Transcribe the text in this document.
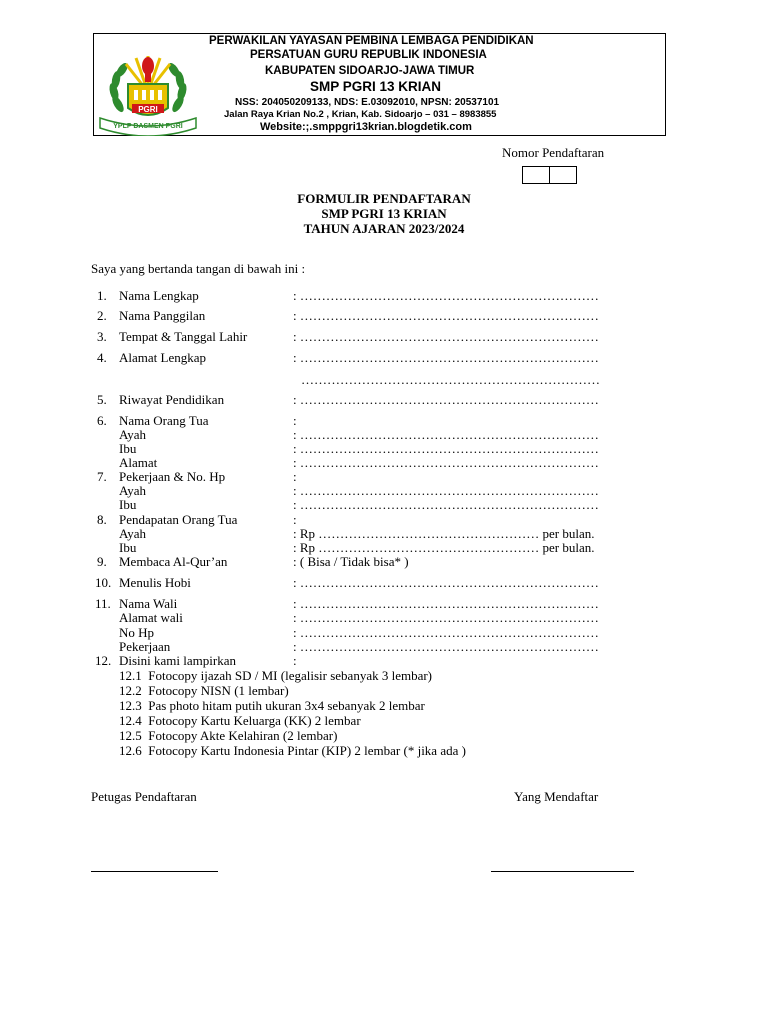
PGRI
YPLP DASMEN PGRI
PERWAKILAN YAYASAN PEMBINA LEMBAGA PENDIDIKAN
PERSATUAN GURU REPUBLIK INDONESIA
KABUPATEN SIDOARJO-JAWA TIMUR
SMP PGRI 13 KRIAN
NSS: 204050209133, NDS: E.03092010, NPSN: 20537101
Jalan Raya Krian No.2 , Krian, Kab. Sidoarjo – 031 – 8983855
Website:;.smppgri13krian.blogdetik.com
Nomor Pendaftaran
FORMULIR PENDAFTARAN
SMP PGRI 13 KRIAN
TAHUN AJARAN 2023/2024
Saya yang bertanda tangan di bawah ini :
1. Nama Lengkap	: ……………………………………………………………
2. Nama Panggilan	: ……………………………………………………………
3. Tempat & Tanggal Lahir	: ……………………………………………………………
4. Alamat Lengkap	: ……………………………………………………………
……………………………………………………………
5. Riwayat Pendidikan	: ……………………………………………………………
6. Nama Orang Tua	:
Ayah	: ……………………………………………………………
Ibu	: ……………………………………………………………
Alamat	: ……………………………………………………………
7. Pekerjaan & No. Hp	:
Ayah	: ……………………………………………………………
Ibu	: ……………………………………………………………
8. Pendapatan Orang Tua	:
Ayah	: Rp …………………………………………… per bulan.
Ibu	: Rp …………………………………………… per bulan.
9. Membaca Al-Qur’an	: ( Bisa / Tidak bisa* )
10. Menulis Hobi	: ……………………………………………………………
11. Nama Wali	: ……………………………………………………………
Alamat wali	: ……………………………………………………………
No Hp	: ……………………………………………………………
Pekerjaan	: ……………………………………………………………
12. Disini kami lampirkan	:
12.1  Fotocopy ijazah SD / MI (legalisir sebanyak 3 lembar)
12.2  Fotocopy NISN (1 lembar)
12.3  Pas photo hitam putih ukuran 3x4 sebanyak 2 lembar
12.4  Fotocopy Kartu Keluarga (KK) 2 lembar
12.5  Fotocopy Akte Kelahiran (2 lembar)
12.6  Fotocopy Kartu Indonesia Pintar (KIP) 2 lembar (* jika ada )
Petugas Pendaftaran	Yang Mendaftar
